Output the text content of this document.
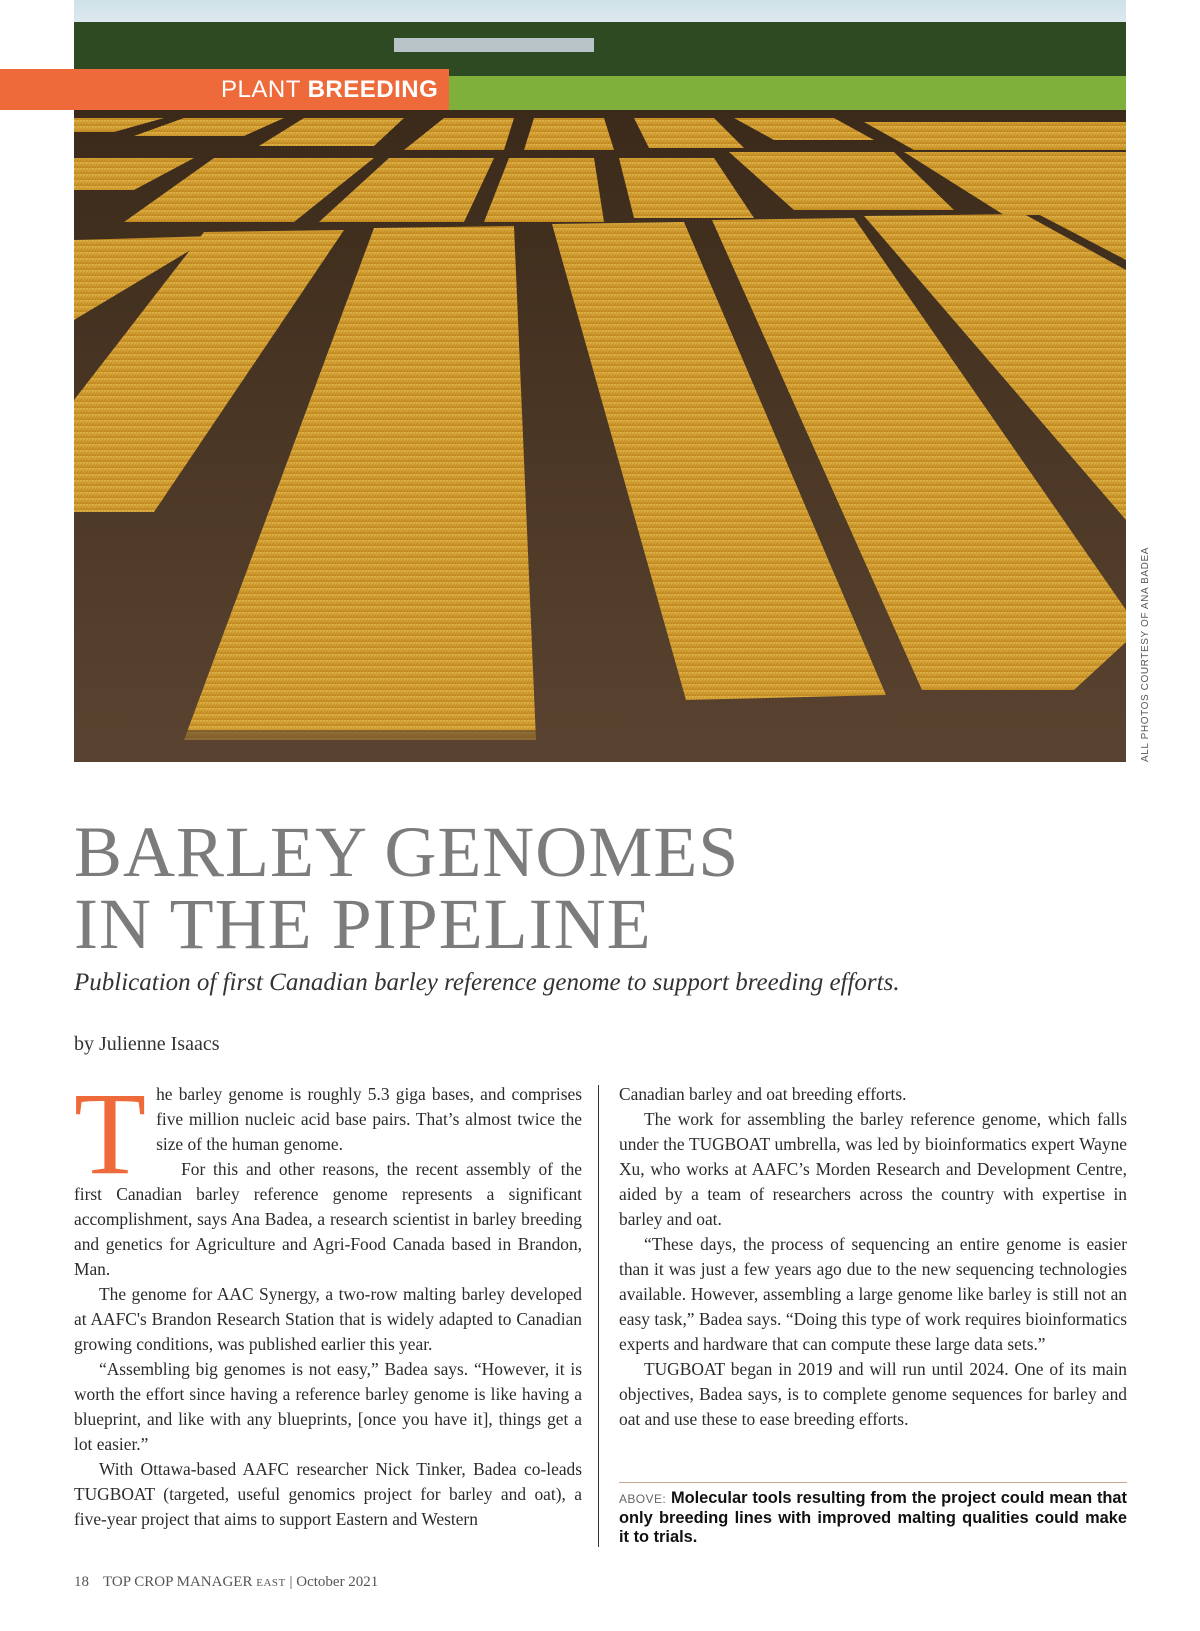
PLANT BREEDING
ALL PHOTOS COURTESY OF ANA BADEA
BARLEY GENOMES
IN THE PIPELINE

Publication of first Canadian barley reference genome to support breeding efforts.

by Julienne Isaacs

The barley genome is roughly 5.3 giga bases, and comprises five million nucleic acid base pairs. That’s almost twice the size of the human genome.

For this and other reasons, the recent assembly of the first Canadian barley reference genome represents a significant accomplishment, says Ana Badea, a research scientist in barley breeding and genetics for Agriculture and Agri-Food Canada based in Brandon, Man.

The genome for AAC Synergy, a two-row malting barley developed at AAFC's Brandon Research Station that is widely adapted to Canadian growing conditions, was published earlier this year.

“Assembling big genomes is not easy,” Badea says. “However, it is worth the effort since having a reference barley genome is like having a blueprint, and like with any blueprints, [once you have it], things get a lot easier.”

With Ottawa-based AAFC researcher Nick Tinker, Badea co-leads TUGBOAT (targeted, useful genomics project for barley and oat), a five-year project that aims to support Eastern and Western

Canadian barley and oat breeding efforts.

The work for assembling the barley reference genome, which falls under the TUGBOAT umbrella, was led by bioinformatics expert Wayne Xu, who works at AAFC’s Morden Research and Development Centre, aided by a team of researchers across the country with expertise in barley and oat.

“These days, the process of sequencing an entire genome is easier than it was just a few years ago due to the new sequencing technologies available. However, assembling a large genome like barley is still not an easy task,” Badea says. “Doing this type of work requires bioinformatics experts and hardware that can compute these large data sets.”

TUGBOAT began in 2019 and will run until 2024. One of its main objectives, Badea says, is to complete genome sequences for barley and oat and use these to ease breeding efforts.

ABOVE: Molecular tools resulting from the project could mean that only breeding lines with improved malting qualities could make it to trials.
18 TOP CROP MANAGER EAST | October 2021
